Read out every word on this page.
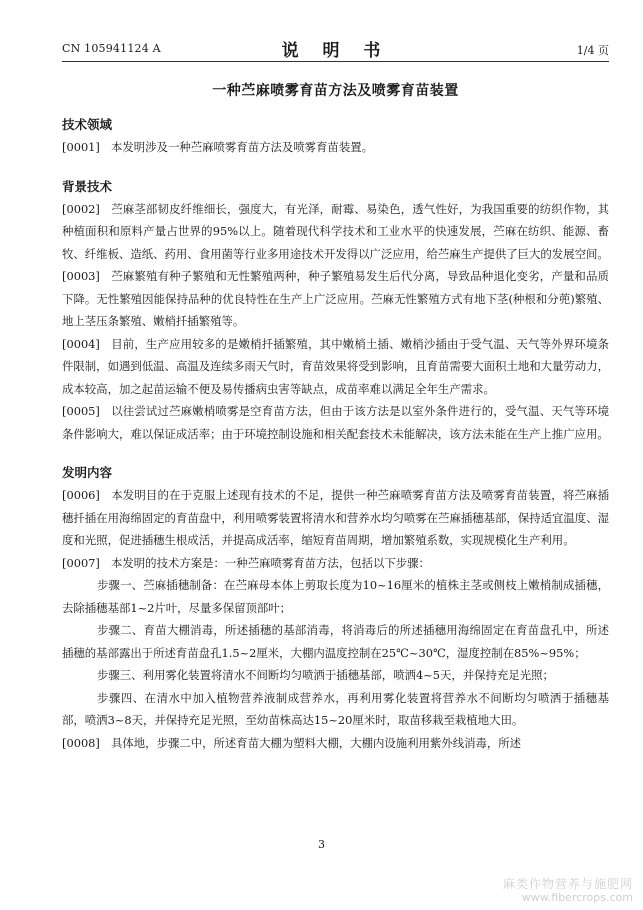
CN 105941124 A	说 明 书	1/4 页
一种苎麻喷雾育苗方法及喷雾育苗装置
技术领域

[0001] 本发明涉及一种苎麻喷雾育苗方法及喷雾育苗装置。

背景技术

[0002] 苎麻茎部韧皮纤维细长，强度大，有光泽，耐霉、易染色，透气性好，为我国重要的纺织作物，其种植面积和原料产量占世界的95%以上。随着现代科学技术和工业水平的快速发展，苎麻在纺织、能源、畜牧、纤维板、造纸、药用、食用菌等行业多用途技术开发得以广泛应用，给苎麻生产提供了巨大的发展空间。

[0003] 苎麻繁殖有种子繁殖和无性繁殖两种，种子繁殖易发生后代分离，导致品种退化变劣，产量和品质下降。无性繁殖因能保持品种的优良特性在生产上广泛应用。苎麻无性繁殖方式有地下茎(种根和分蔸)繁殖、地上茎压条繁殖、嫩梢扦插繁殖等。

[0004] 目前，生产应用较多的是嫩梢扦插繁殖，其中嫩梢土插、嫩梢沙插由于受气温、天气等外界环境条件限制，如遇到低温、高温及连续多雨天气时，育苗效果将受到影响，且育苗需要大面积土地和大量劳动力，成本较高，加之起苗运输不便及易传播病虫害等缺点，成苗率难以满足全年生产需求。

[0005] 以往尝试过苎麻嫩梢喷雾是空育苗方法，但由于该方法是以室外条件进行的，受气温、天气等环境条件影响大，难以保证成活率；由于环境控制设施和相关配套技术未能解决，该方法未能在生产上推广应用。

发明内容

[0006] 本发明目的在于克服上述现有技术的不足，提供一种苎麻喷雾育苗方法及喷雾育苗装置，将苎麻插穗扦插在用海绵固定的育苗盘中，利用喷雾装置将清水和营养水均匀喷雾在苎麻插穗基部，保持适宜温度、湿度和光照，促进插穗生根成活，并提高成活率，缩短育苗周期，增加繁殖系数，实现规模化生产利用。

[0007] 本发明的技术方案是：一种苎麻喷雾育苗方法，包括以下步骤：

步骤一、苎麻插穗制备：在苎麻母本体上剪取长度为10~16厘米的植株主茎或侧枝上嫩梢制成插穗，去除插穗基部1~2片叶，尽量多保留顶部叶；

步骤二、育苗大棚消毒，所述插穗的基部消毒，将消毒后的所述插穗用海绵固定在育苗盘孔中，所述插穗的基部露出于所述育苗盘孔1.5~2厘米，大棚内温度控制在25℃~30℃，湿度控制在85%~95%；

步骤三、利用雾化装置将清水不间断均匀喷洒于插穗基部，喷洒4~5天，并保持充足光照；

步骤四、在清水中加入植物营养液制成营养水，再利用雾化装置将营养水不间断均匀喷洒于插穗基部，喷洒3~8天，并保持充足光照，至幼苗株高达15~20厘米时，取苗移栽至栽植地大田。

[0008] 具体地，步骤二中，所述育苗大棚为塑料大棚，大棚内设施利用紫外线消毒，所述

3
麻类作物营养与施肥网
www.fibercrops.com
